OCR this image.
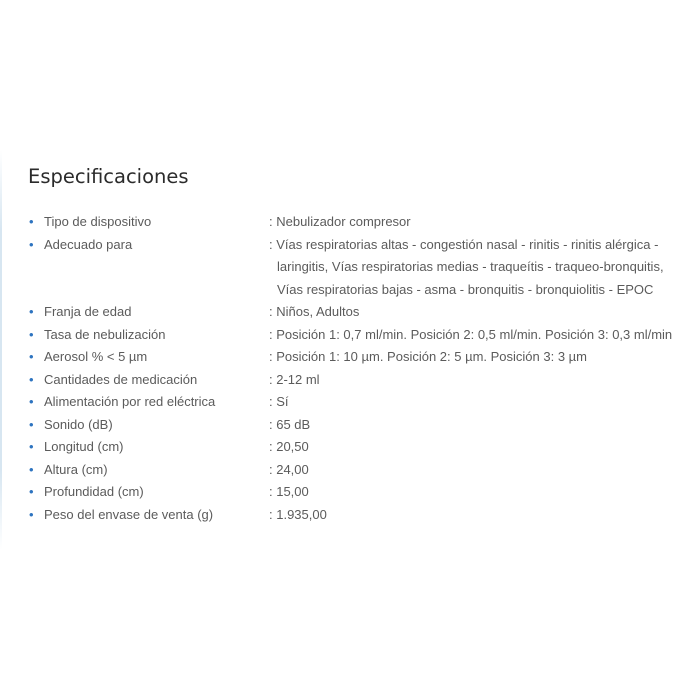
Especificaciones
• Tipo de dispositivo	: Nebulizador compresor
• Adecuado para	: Vías respiratorias altas - congestión nasal - rinitis - rinitis alérgica -
laringitis, Vías respiratorias medias - traqueítis - traqueo-bronquitis,
Vías respiratorias bajas - asma - bronquitis - bronquiolitis - EPOC
• Franja de edad	: Niños, Adultos
• Tasa de nebulización	: Posición 1: 0,7 ml/min. Posición 2: 0,5 ml/min. Posición 3: 0,3 ml/min
• Aerosol % < 5 µm	: Posición 1: 10 µm. Posición 2: 5 µm. Posición 3: 3 µm
• Cantidades de medicación	: 2-12 ml
• Alimentación por red eléctrica	: Sí
• Sonido (dB)	: 65 dB
• Longitud (cm)	: 20,50
• Altura (cm)	: 24,00
• Profundidad (cm)	: 15,00
• Peso del envase de venta (g)	: 1.935,00
